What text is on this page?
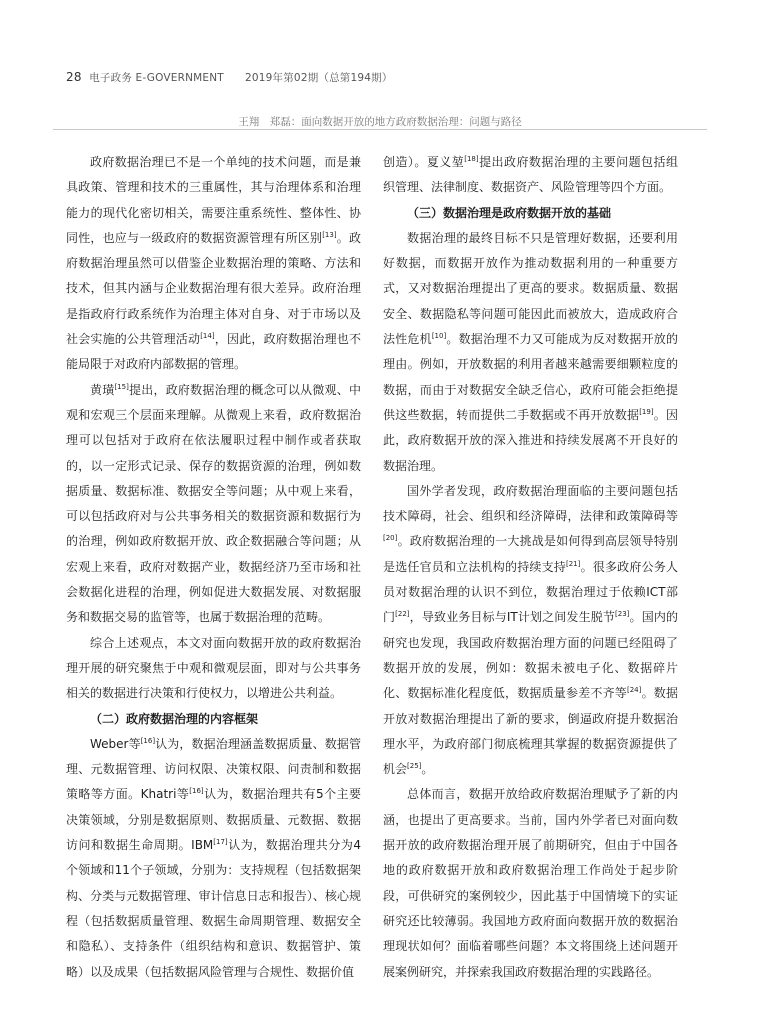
28 电子政务 E-GOVERNMENT 2019年第02期（总第194期）
王翔　郑磊：面向数据开放的地方政府数据治理：问题与路径

政府数据治理已不是一个单纯的技术问题，而是兼具政策、管理和技术的三重属性，其与治理体系和治理能力的现代化密切相关，需要注重系统性、整体性、协同性，也应与一级政府的数据资源管理有所区别[13]。政府数据治理虽然可以借鉴企业数据治理的策略、方法和技术，但其内涵与企业数据治理有很大差异。政府治理是指政府行政系统作为治理主体对自身、对于市场以及社会实施的公共管理活动[14]，因此，政府数据治理也不能局限于对政府内部数据的管理。

黄璜[15]提出，政府数据治理的概念可以从微观、中观和宏观三个层面来理解。从微观上来看，政府数据治理可以包括对于政府在依法履职过程中制作或者获取的，以一定形式记录、保存的数据资源的治理，例如数据质量、数据标准、数据安全等问题；从中观上来看，可以包括政府对与公共事务相关的数据资源和数据行为的治理，例如政府数据开放、政企数据融合等问题；从宏观上来看，政府对数据产业，数据经济乃至市场和社会数据化进程的治理，例如促进大数据发展、对数据服务和数据交易的监管等，也属于数据治理的范畴。

综合上述观点，本文对面向数据开放的政府数据治理开展的研究聚焦于中观和微观层面，即对与公共事务相关的数据进行决策和行使权力，以增进公共利益。

（二）政府数据治理的内容框架

Weber等[16]认为，数据治理涵盖数据质量、数据管理、元数据管理、访问权限、决策权限、问责制和数据策略等方面。Khatri等[16]认为，数据治理共有5个主要决策领域，分别是数据原则、数据质量、元数据、数据访问和数据生命周期。IBM[17]认为，数据治理共分为4个领域和11个子领域，分别为：支持规程（包括数据架构、分类与元数据管理、审计信息日志和报告）、核心规程（包括数据质量管理、数据生命周期管理、数据安全和隐私）、支持条件（组织结构和意识、数据管护、策略）以及成果（包括数据风险管理与合规性、数据价值

创造）。夏义堃[18]提出政府数据治理的主要问题包括组织管理、法律制度、数据资产、风险管理等四个方面。

（三）数据治理是政府数据开放的基础

数据治理的最终目标不只是管理好数据，还要利用好数据，而数据开放作为推动数据利用的一种重要方式，又对数据治理提出了更高的要求。数据质量、数据安全、数据隐私等问题可能因此而被放大，造成政府合法性危机[10]。数据治理不力又可能成为反对数据开放的理由。例如，开放数据的利用者越来越需要细颗粒度的数据，而由于对数据安全缺乏信心，政府可能会拒绝提供这些数据，转而提供二手数据或不再开放数据[19]。因此，政府数据开放的深入推进和持续发展离不开良好的数据治理。

国外学者发现，政府数据治理面临的主要问题包括技术障碍，社会、组织和经济障碍，法律和政策障碍等[20]。政府数据治理的一大挑战是如何得到高层领导特别是选任官员和立法机构的持续支持[21]。很多政府公务人员对数据治理的认识不到位，数据治理过于依赖ICT部门[22]，导致业务目标与IT计划之间发生脱节[23]。国内的研究也发现，我国政府数据治理方面的问题已经阻碍了数据开放的发展，例如：数据未被电子化、数据碎片化、数据标准化程度低，数据质量参差不齐等[24]。数据开放对数据治理提出了新的要求，倒逼政府提升数据治理水平，为政府部门彻底梳理其掌握的数据资源提供了机会[25]。

总体而言，数据开放给政府数据治理赋予了新的内涵，也提出了更高要求。当前，国内外学者已对面向数据开放的政府数据治理开展了前期研究，但由于中国各地的政府数据开放和政府数据治理工作尚处于起步阶段，可供研究的案例较少，因此基于中国情境下的实证研究还比较薄弱。我国地方政府面向数据开放的数据治理现状如何？面临着哪些问题？本文将围绕上述问题开展案例研究，并探索我国政府数据治理的实践路径。
